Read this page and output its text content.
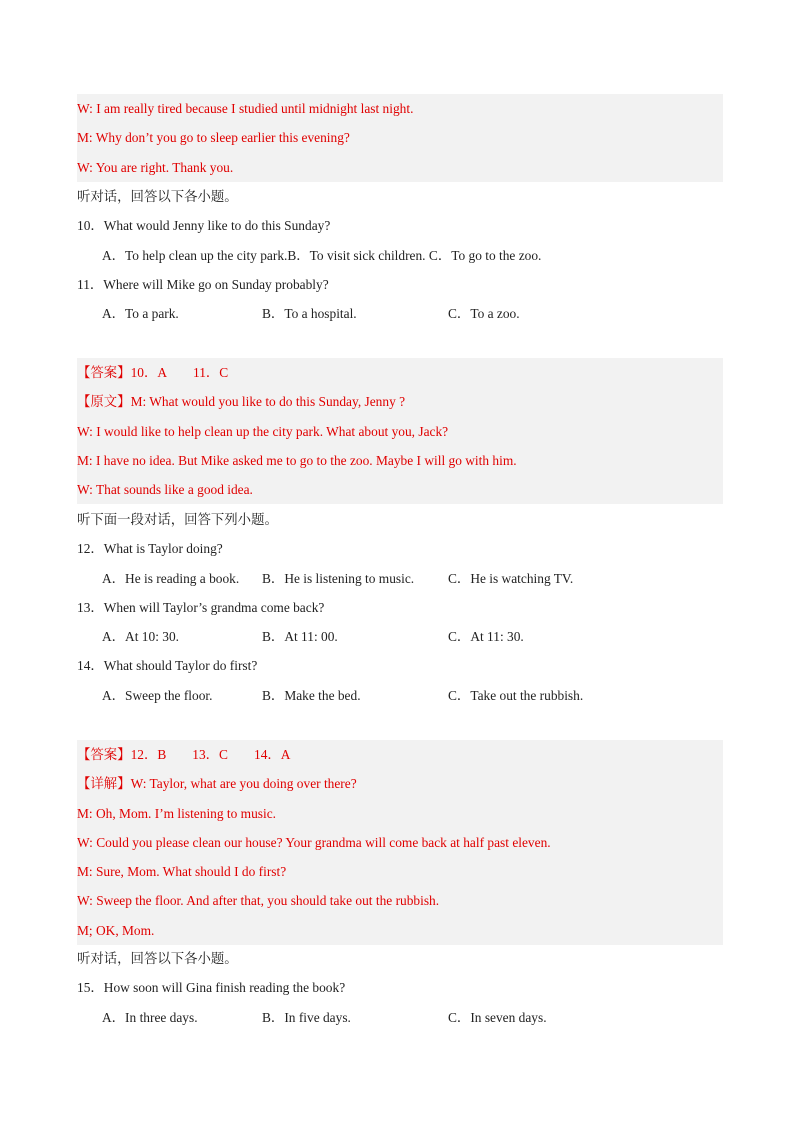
W: I am really tired because I studied until midnight last night.
M: Why don’t you go to sleep earlier this evening?
W: You are right. Thank you.
听对话，回答以下各小题。
10．What would Jenny like to do this Sunday?
A．To help clean up the city park.B．To visit sick children. C．To go to the zoo.
11．Where will Mike go on Sunday probably?
A．To a park.	B．To a hospital.	C．To a zoo.
【答案】10．A 11．C
【原文】M: What would you like to do this Sunday, Jenny ?
W: I would like to help clean up the city park. What about you, Jack?
M: I have no idea. But Mike asked me to go to the zoo. Maybe I will go with him.
W: That sounds like a good idea.
听下面一段对话，回答下列小题。
12．What is Taylor doing?
A．He is reading a book. B．He is listening to music.	C．He is watching TV.
13．When will Taylor’s grandma come back?
A．At 10: 30.	B．At 11: 00.	C．At 11: 30.
14．What should Taylor do first?
A．Sweep the floor.	B．Make the bed.	C．Take out the rubbish.
【答案】12．B 13．C 14．A
【详解】W: Taylor, what are you doing over there?
M: Oh, Mom. I’m listening to music.
W: Could you please clean our house? Your grandma will come back at half past eleven.
M: Sure, Mom. What should I do first?
W: Sweep the floor. And after that, you should take out the rubbish.
M; OK, Mom.
听对话，回答以下各小题。
15．How soon will Gina finish reading the book?
A．In three days.	B．In five days.	C．In seven days.
